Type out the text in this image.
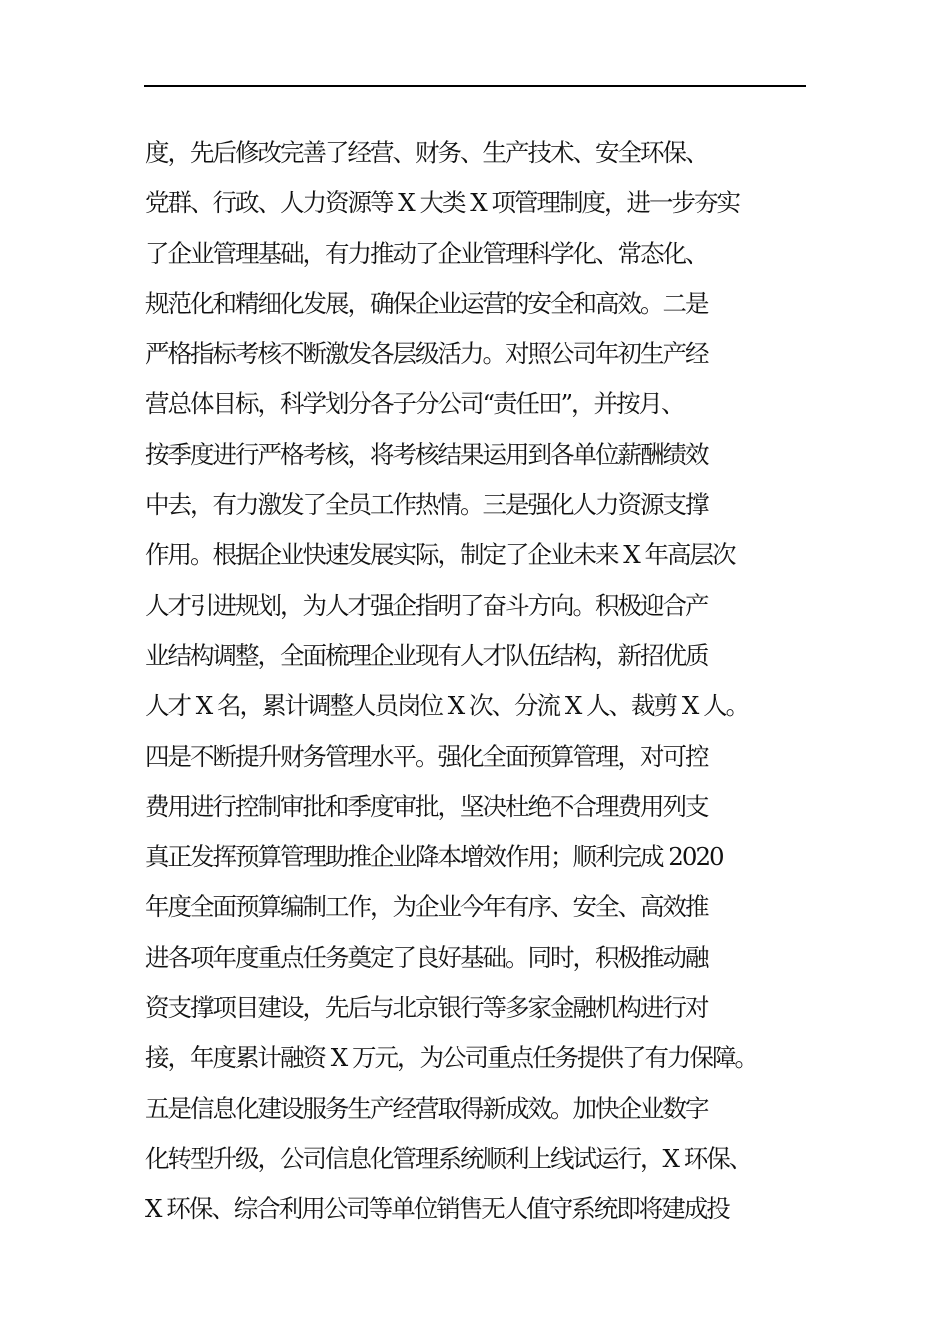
度，先后修改完善了经营、财务、生产技术、安全环保、
党群、行政、人力资源等 X 大类 X 项管理制度，进一步夯实
了企业管理基础，有力推动了企业管理科学化、常态化、
规范化和精细化发展，确保企业运营的安全和高效。二是
严格指标考核不断激发各层级活力。对照公司年初生产经
营总体目标，科学划分各子分公司“责任田”，并按月、
按季度进行严格考核，将考核结果运用到各单位薪酬绩效
中去，有力激发了全员工作热情。三是强化人力资源支撑
作用。根据企业快速发展实际，制定了企业未来 X 年高层次
人才引进规划，为人才强企指明了奋斗方向。积极迎合产
业结构调整，全面梳理企业现有人才队伍结构，新招优质
人才 X 名，累计调整人员岗位 X 次、分流 X 人、裁剪 X 人。
四是不断提升财务管理水平。强化全面预算管理，对可控
费用进行控制审批和季度审批，坚决杜绝不合理费用列支
真正发挥预算管理助推企业降本增效作用；顺利完成 2020
年度全面预算编制工作，为企业今年有序、安全、高效推
进各项年度重点任务奠定了良好基础。同时，积极推动融
资支撑项目建设，先后与北京银行等多家金融机构进行对
接，年度累计融资 X 万元，为公司重点任务提供了有力保障。
五是信息化建设服务生产经营取得新成效。加快企业数字
化转型升级，公司信息化管理系统顺利上线试运行，X 环保、
X 环保、综合利用公司等单位销售无人值守系统即将建成投
